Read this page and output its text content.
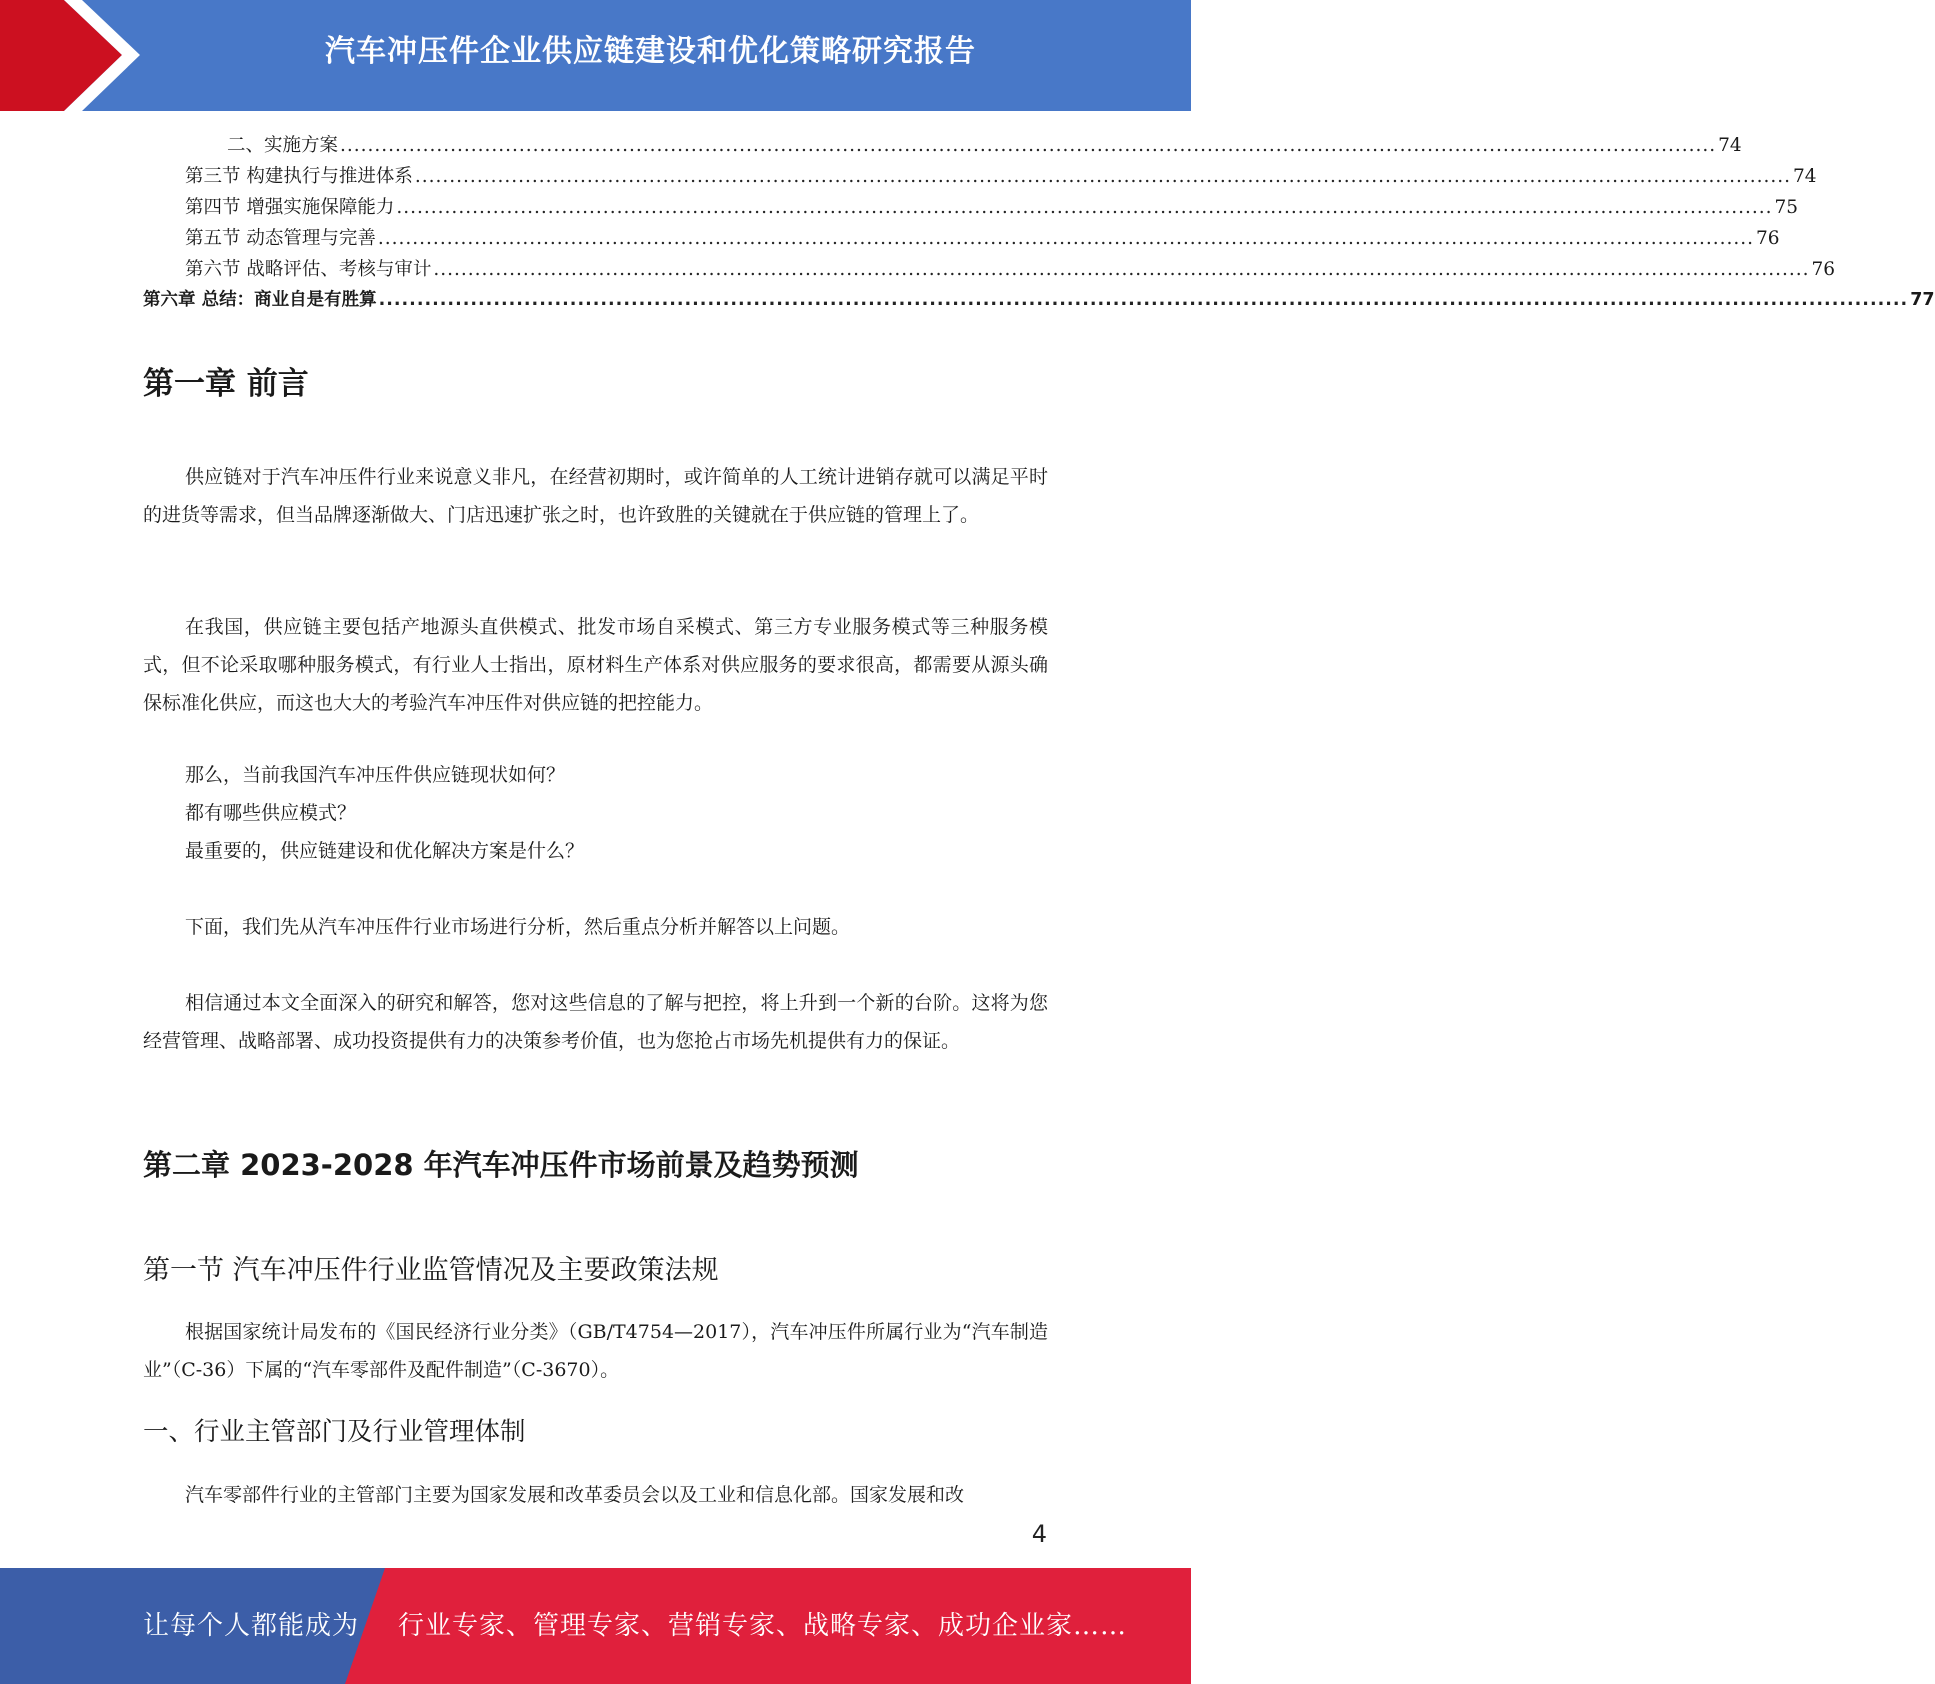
汽车冲压件企业供应链建设和优化策略研究报告
二、实施方案 ........................................................................................................................................................................................................ 74
第三节 构建执行与推进体系 ........................................................................................................................................................................................................ 74
第四节 增强实施保障能力 ........................................................................................................................................................................................................ 75
第五节 动态管理与完善 ........................................................................................................................................................................................................ 76
第六节 战略评估、考核与审计 ........................................................................................................................................................................................................ 76
第六章 总结：商业自是有胜算 ........................................................................................................................................................................................................ 77
第一章 前言

供应链对于汽车冲压件行业来说意义非凡，在经营初期时，或许简单的人工统计进销存就可以满足平时的进货等需求，但当品牌逐渐做大、门店迅速扩张之时，也许致胜的关键就在于供应链的管理上了。

在我国，供应链主要包括产地源头直供模式、批发市场自采模式、第三方专业服务模式等三种服务模式，但不论采取哪种服务模式，有行业人士指出，原材料生产体系对供应服务的要求很高，都需要从源头确保标准化供应，而这也大大的考验汽车冲压件对供应链的把控能力。

那么，当前我国汽车冲压件供应链现状如何？

都有哪些供应模式？

最重要的，供应链建设和优化解决方案是什么？

下面，我们先从汽车冲压件行业市场进行分析，然后重点分析并解答以上问题。

相信通过本文全面深入的研究和解答，您对这些信息的了解与把控，将上升到一个新的台阶。这将为您经营管理、战略部署、成功投资提供有力的决策参考价值，也为您抢占市场先机提供有力的保证。

第二章 2023-2028 年汽车冲压件市场前景及趋势预测
第一节 汽车冲压件行业监管情况及主要政策法规

根据国家统计局发布的《国民经济行业分类》（GB/T4754—2017），汽车冲压件所属行业为“汽车制造业”（C-36）下属的“汽车零部件及配件制造”（C-3670）。

一、行业主管部门及行业管理体制

汽车零部件行业的主管部门主要为国家发展和改革委员会以及工业和信息化部。国家发展和改

4
让每个人都能成为 行业专家、管理专家、营销专家、战略专家、成功企业家……
